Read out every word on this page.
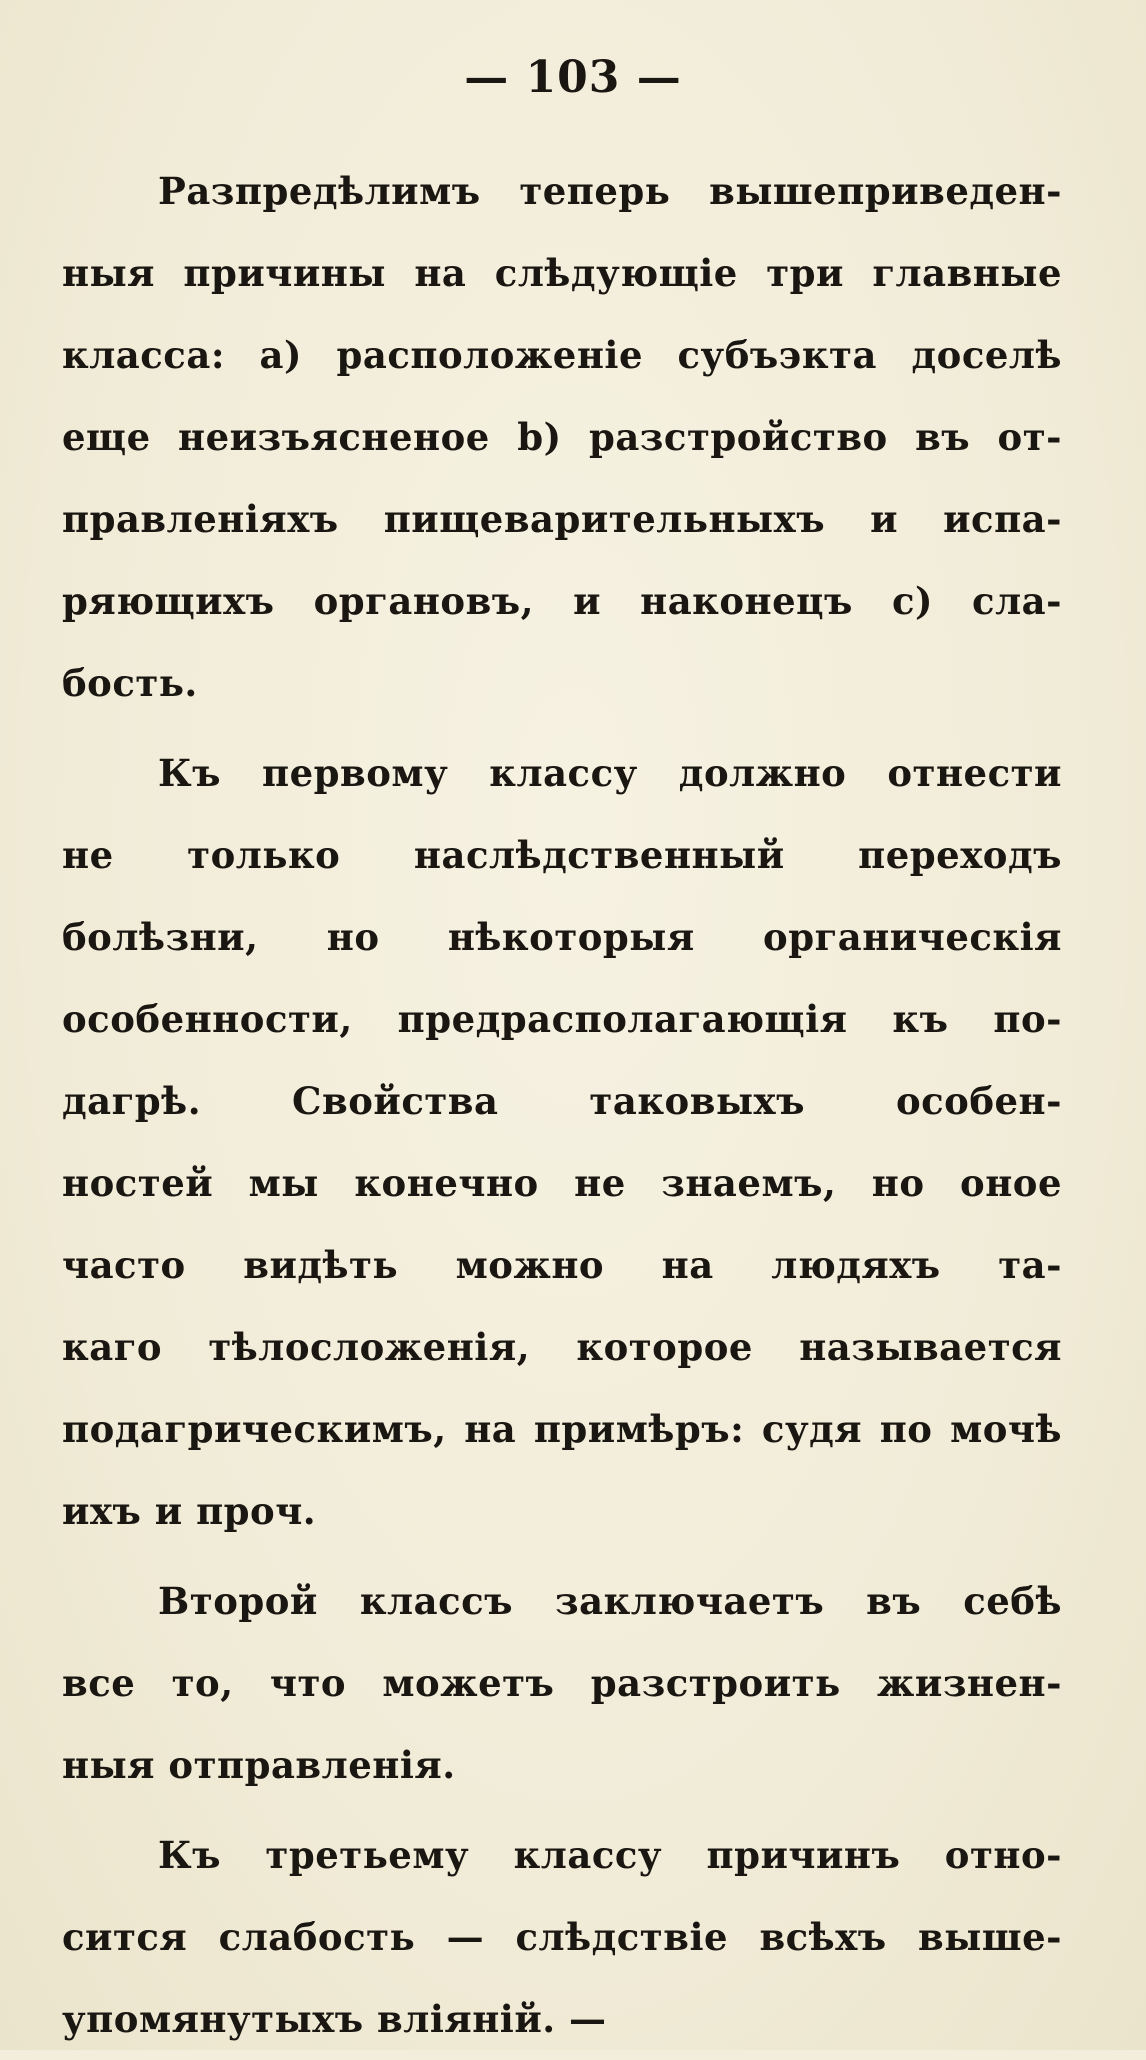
— 103 —
Разпредѣлимъ теперь вышеприведен-
ныя причины на слѣдующіе три главные
класса: a) расположеніе субъэкта доселѣ
еще неизъясненое b) разстройство въ от-
правленіяхъ пищеварительныхъ и испа-
ряющихъ органовъ, и наконецъ c) сла-
бость.
Къ первому классу должно отнести
не только наслѣдственный переходъ
болѣзни, но нѣкоторыя органическія
особенности, предрасполагающія къ по-
дагрѣ. Свойства таковыхъ особен-
ностей мы конечно не знаемъ, но оное
часто видѣть можно на людяхъ та-
каго тѣлосложенія, которое называется
подагрическимъ, на примѣръ: судя по мочѣ
ихъ и проч.
Второй классъ заключаетъ въ себѣ
все то, что можетъ разстроить жизнен-
ныя отправленія.
Къ третьему классу причинъ отно-
сится слабость — слѣдствіе всѣхъ выше-
упомянутыхъ вліяній. —
